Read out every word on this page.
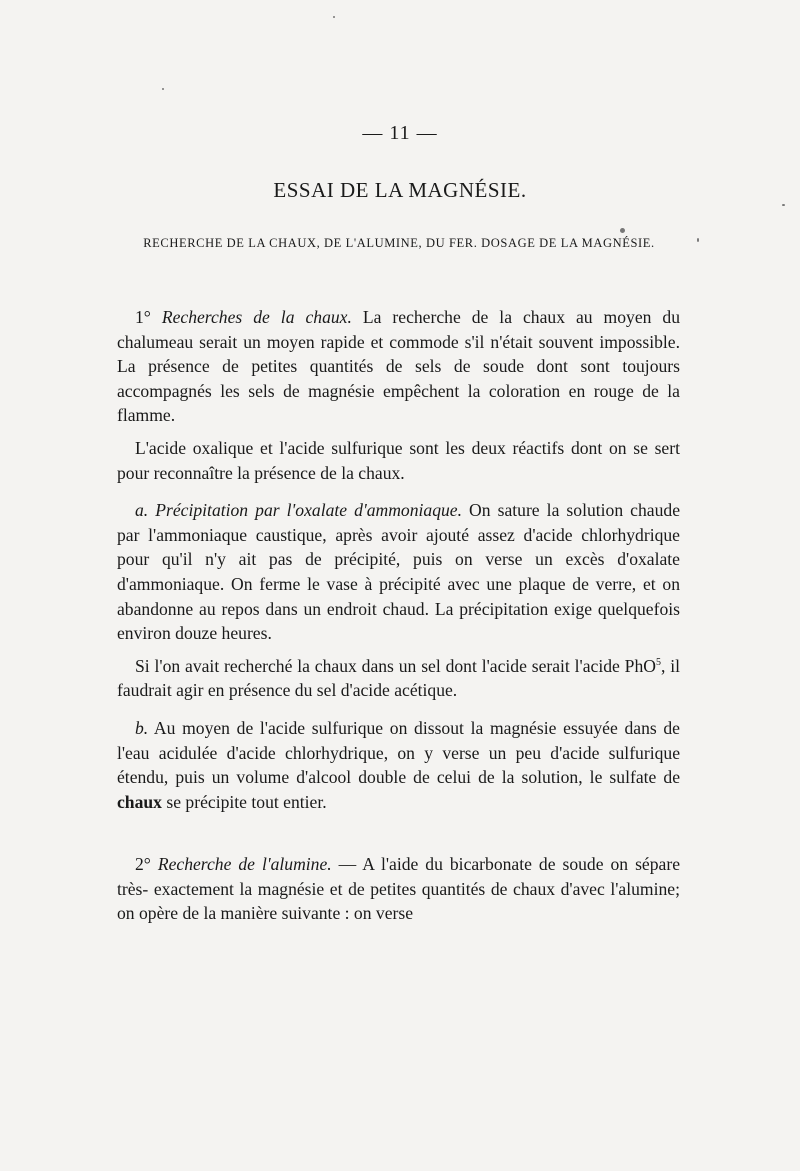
— 11 —
ESSAI DE LA MAGNÉSIE.
RECHERCHE DE LA CHAUX, DE L'ALUMINE, DU FER. DOSAGE DE LA MAGNÉSIE.

1° Recherches de la chaux. La recherche de la chaux au moyen du chalumeau serait un moyen rapide et commode s'il n'était souvent impossible. La présence de petites quantités de sels de soude dont sont toujours accompagnés les sels de magnésie empêchent la coloration en rouge de la flamme.

L'acide oxalique et l'acide sulfurique sont les deux réactifs dont on se sert pour reconnaître la présence de la chaux.

a. Précipitation par l'oxalate d'ammoniaque. On sature la solution chaude par l'ammoniaque caustique, après avoir ajouté assez d'acide chlorhydrique pour qu'il n'y ait pas de précipité, puis on verse un excès d'oxalate d'ammoniaque. On ferme le vase à précipité avec une plaque de verre, et on abandonne au repos dans un endroit chaud. La précipitation exige quelquefois environ douze heures.

Si l'on avait recherché la chaux dans un sel dont l'acide serait l'acide PhO$^5$, il faudrait agir en présence du sel d'acide acétique.

b. Au moyen de l'acide sulfurique on dissout la magnésie essuyée dans de l'eau acidulée d'acide chlorhydrique, on y verse un peu d'acide sulfurique étendu, puis un volume d'alcool double de celui de la solution, le sulfate de chaux se précipite tout entier.

2° Recherche de l'alumine. — A l'aide du bicarbonate de soude on sépare très- exactement la magnésie et de petites quantités de chaux d'avec l'alumine; on opère de la manière suivante : on verse
